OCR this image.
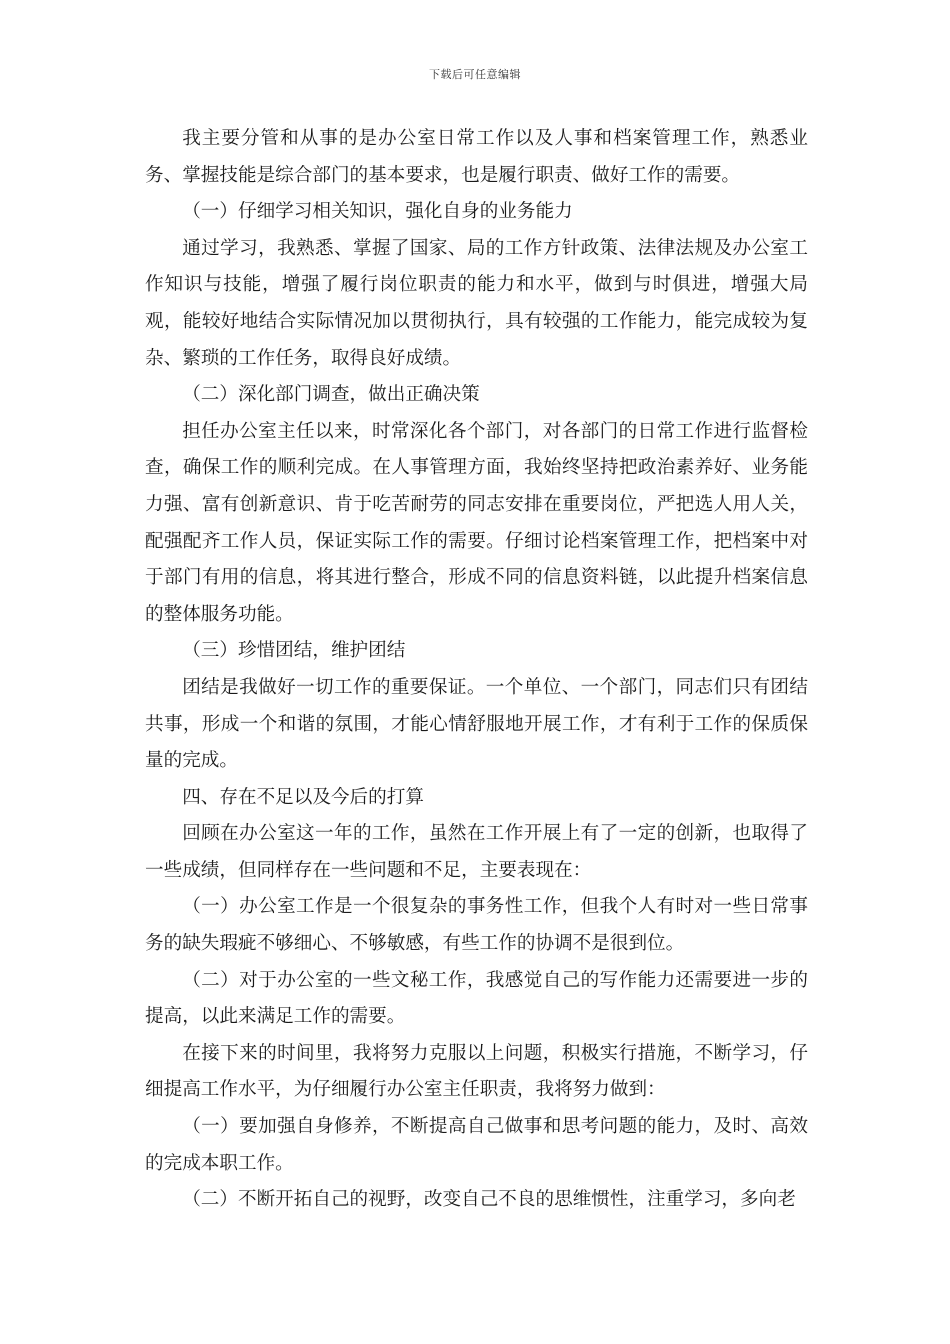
下载后可任意编辑

我主要分管和从事的是办公室日常工作以及人事和档案管理工作，熟悉业务、掌握技能是综合部门的基本要求，也是履行职责、做好工作的需要。

（一）仔细学习相关知识，强化自身的业务能力

通过学习，我熟悉、掌握了国家、局的工作方针政策、法律法规及办公室工作知识与技能，增强了履行岗位职责的能力和水平，做到与时俱进，增强大局观，能较好地结合实际情况加以贯彻执行，具有较强的工作能力，能完成较为复杂、繁琐的工作任务，取得良好成绩。

（二）深化部门调查，做出正确决策

担任办公室主任以来，时常深化各个部门，对各部门的日常工作进行监督检查，确保工作的顺利完成。在人事管理方面，我始终坚持把政治素养好、业务能力强、富有创新意识、肯于吃苦耐劳的同志安排在重要岗位，严把选人用人关，配强配齐工作人员，保证实际工作的需要。仔细讨论档案管理工作，把档案中对于部门有用的信息，将其进行整合，形成不同的信息资料链，以此提升档案信息的整体服务功能。

（三）珍惜团结，维护团结

团结是我做好一切工作的重要保证。一个单位、一个部门，同志们只有团结共事，形成一个和谐的氛围，才能心情舒服地开展工作，才有利于工作的保质保量的完成。

四、存在不足以及今后的打算

回顾在办公室这一年的工作，虽然在工作开展上有了一定的创新，也取得了一些成绩，但同样存在一些问题和不足，主要表现在：

（一）办公室工作是一个很复杂的事务性工作，但我个人有时对一些日常事务的缺失瑕疵不够细心、不够敏感，有些工作的协调不是很到位。

（二）对于办公室的一些文秘工作，我感觉自己的写作能力还需要进一步的提高，以此来满足工作的需要。

在接下来的时间里，我将努力克服以上问题，积极实行措施，不断学习，仔细提高工作水平，为仔细履行办公室主任职责，我将努力做到：

（一）要加强自身修养，不断提高自己做事和思考问题的能力，及时、高效的完成本职工作。

（二）不断开拓自己的视野，改变自己不良的思维惯性，注重学习，多向老
